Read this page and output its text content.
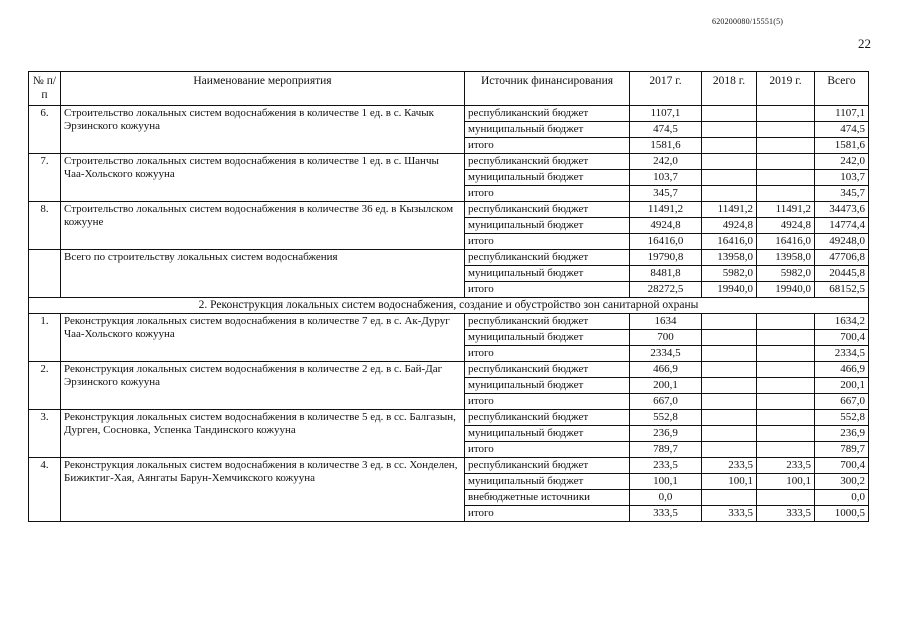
620200080/15551(5)
22
№ п/п	Наименование мероприятия	Источник финансирования	2017 г.	2018 г.	2019 г.	Всего
6.	Строительство локальных систем водоснабжения в количестве 1 ед. в с. Качык Эрзинского кожууна	республиканский бюджет	1107,1			1107,1
		муниципальный бюджет	474,5			474,5
		итого	1581,6			1581,6
7.	Строительство локальных систем водоснабжения в количестве 1 ед. в с. Шанчы Чаа-Хольского кожууна	республиканский бюджет	242,0			242,0
		муниципальный бюджет	103,7			103,7
		итого	345,7			345,7
8.	Строительство локальных систем водоснабжения в количестве 36 ед. в Кызылском кожууне	республиканский бюджет	11491,2	11491,2	11491,2	34473,6
		муниципальный бюджет	4924,8	4924,8	4924,8	14774,4
		итого	16416,0	16416,0	16416,0	49248,0
	Всего по строительству локальных систем водоснабжения	республиканский бюджет	19790,8	13958,0	13958,0	47706,8
		муниципальный бюджет	8481,8	5982,0	5982,0	20445,8
		итого	28272,5	19940,0	19940,0	68152,5
2. Реконструкция локальных систем водоснабжения, создание и обустройство зон санитарной охраны						
1.	Реконструкция локальных систем водоснабжения в количестве 7 ед. в с. Ак-Дуруг Чаа-Хольского кожууна	республиканский бюджет	1634			1634,2
		муниципальный бюджет	700			700,4
		итого	2334,5			2334,5
2.	Реконструкция локальных систем водоснабжения в количестве 2 ед. в с. Бай-Даг Эрзинского кожууна	республиканский бюджет	466,9			466,9
		муниципальный бюджет	200,1			200,1
		итого	667,0			667,0
3.	Реконструкция локальных систем водоснабжения в количестве 5 ед. в сс. Балгазын, Дурген, Сосновка, Успенка Тандинского кожууна	республиканский бюджет	552,8			552,8
		муниципальный бюджет	236,9			236,9
		итого	789,7			789,7
4.	Реконструкция локальных систем водоснабжения в количестве 3 ед. в сс. Хонделен, Бижиктиг-Хая, Аянгаты Барун-Хемчикского кожууна	республиканский бюджет	233,5	233,5	233,5	700,4
		муниципальный бюджет	100,1	100,1	100,1	300,2
		внебюджетные источники	0,0			0,0
		итого	333,5	333,5	333,5	1000,5
